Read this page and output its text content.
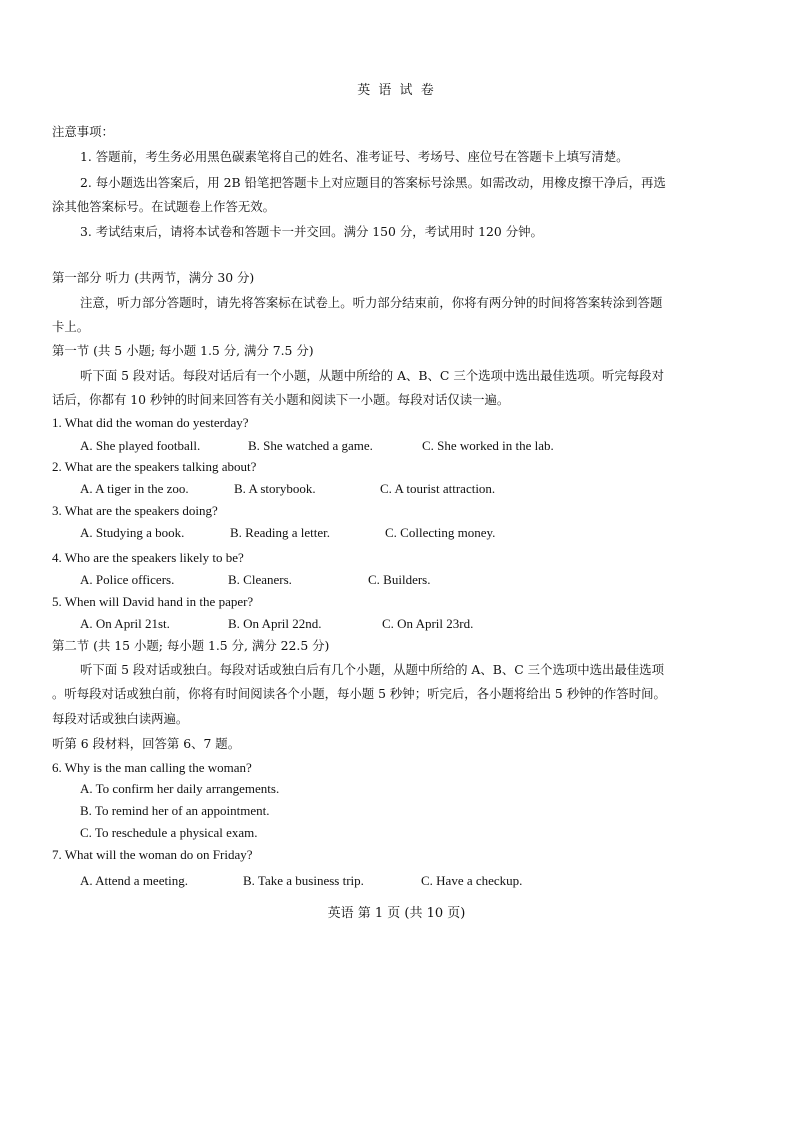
英 语 试 卷
注意事项：
1. 答题前，考生务必用黑色碳素笔将自己的姓名、准考证号、考场号、座位号在答题卡上填写清楚。
2. 每小题选出答案后，用 2B 铅笔把答题卡上对应题目的答案标号涂黑。如需改动，用橡皮擦干净后，再选
涂其他答案标号。在试题卷上作答无效。
3. 考试结束后，请将本试卷和答题卡一并交回。满分 150 分，考试用时 120 分钟。
第一部分 听力 (共两节，满分 30 分)
注意，听力部分答题时，请先将答案标在试卷上。听力部分结束前，你将有两分钟的时间将答案转涂到答题
卡上。
第一节 (共 5 小题; 每小题 1.5 分, 满分 7.5 分)
听下面 5 段对话。每段对话后有一个小题，从题中所给的 A、B、C 三个选项中选出最佳选项。听完每段对
话后，你都有 10 秒钟的时间来回答有关小题和阅读下一小题。每段对话仅读一遍。
1. What did the woman do yesterday?
A. She played football.	B. She watched a game.	C. She worked in the lab.
2. What are the speakers talking about?
A. A tiger in the zoo.	B. A storybook.	C. A tourist attraction.
3. What are the speakers doing?
A. Studying a book.	B. Reading a letter.	C. Collecting money.
4. Who are the speakers likely to be?
A. Police officers.	B. Cleaners.	C. Builders.
5. When will David hand in the paper?
A. On April 21st.	B. On April 22nd.	C. On April 23rd.
第二节 (共 15 小题; 每小题 1.5 分, 满分 22.5 分)
听下面 5 段对话或独白。每段对话或独白后有几个小题，从题中所给的 A、B、C 三个选项中选出最佳选项
。听每段对话或独白前，你将有时间阅读各个小题，每小题 5 秒钟；听完后，各小题将给出 5 秒钟的作答时间。
每段对话或独白读两遍。
听第 6 段材料，回答第 6、7 题。
6. Why is the man calling the woman?
A. To confirm her daily arrangements.
B. To remind her of an appointment.
C. To reschedule a physical exam.
7. What will the woman do on Friday?
A. Attend a meeting.	B. Take a business trip.	C. Have a checkup.
英语 第 1 页 (共 10 页)
